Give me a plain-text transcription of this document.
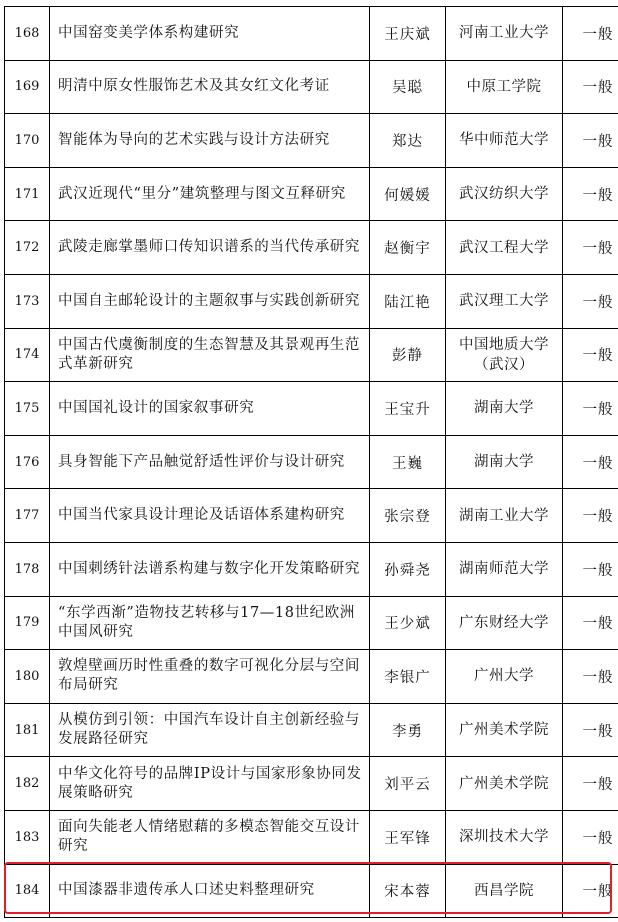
168	中国窑变美学体系构建研究	王庆斌	河南工业大学	一般
169	明清中原女性服饰艺术及其女红文化考证	吴聪	中原工学院	一般
170	智能体为导向的艺术实践与设计方法研究	郑达	华中师范大学	一般
171	武汉近现代“里分”建筑整理与图文互释研究	何媛媛	武汉纺织大学	一般
172	武陵走廊掌墨师口传知识谱系的当代传承研究	赵衡宇	武汉工程大学	一般
173	中国自主邮轮设计的主题叙事与实践创新研究	陆江艳	武汉理工大学	一般
174	中国古代虞衡制度的生态智慧及其景观再生范式革新研究	彭静	中国地质大学（武汉）	一般
175	中国国礼设计的国家叙事研究	王宝升	湖南大学	一般
176	具身智能下产品触觉舒适性评价与设计研究	王巍	湖南大学	一般
177	中国当代家具设计理论及话语体系建构研究	张宗登	湖南工业大学	一般
178	中国刺绣针法谱系构建与数字化开发策略研究	孙舜尧	湖南师范大学	一般
179	“东学西渐”造物技艺转移与17—18世纪欧洲中国风研究	王少斌	广东财经大学	一般
180	敦煌壁画历时性重叠的数字可视化分层与空间布局研究	李银广	广州大学	一般
181	从模仿到引领：中国汽车设计自主创新经验与发展路径研究	李勇	广州美术学院	一般
182	中华文化符号的品牌IP设计与国家形象协同发展策略研究	刘平云	广州美术学院	一般
183	面向失能老人情绪慰藉的多模态智能交互设计研究	王军锋	深圳技术大学	一般
184	中国漆器非遗传承人口述史料整理研究	宋本蓉	西昌学院	一般
